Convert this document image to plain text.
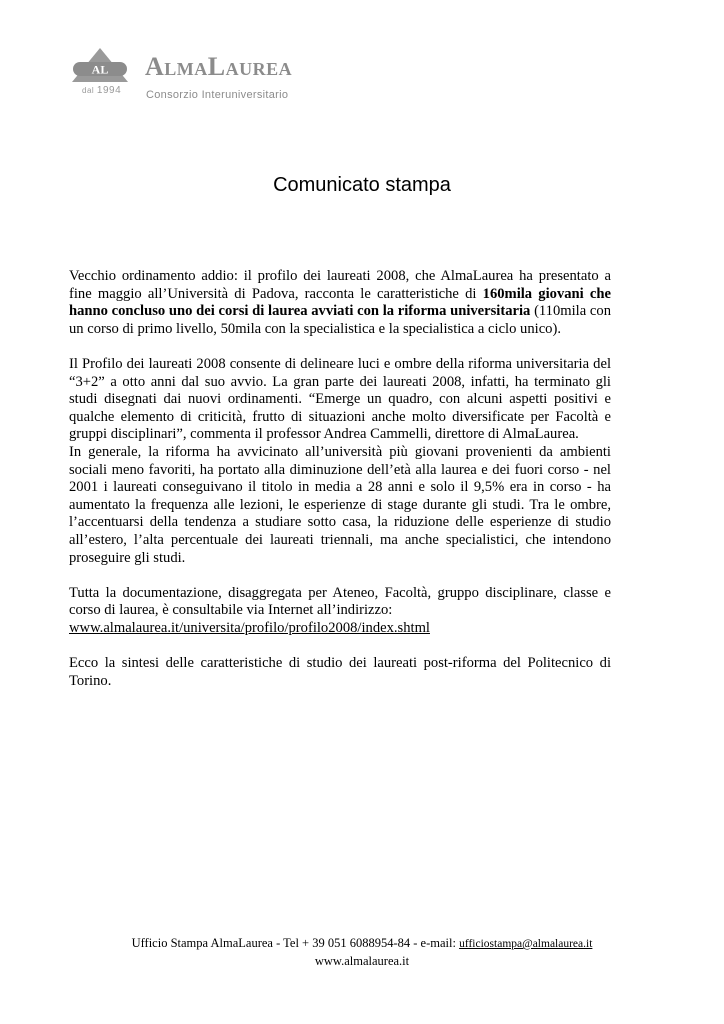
AL
dal 1994
AlmaLaurea
Consorzio Interuniversitario
Comunicato stampa

Vecchio ordinamento addio: il profilo dei laureati 2008, che AlmaLaurea ha presentato a fine maggio all’Università di Padova, racconta le caratteristiche di 160mila giovani che hanno concluso uno dei corsi di laurea avviati con la riforma universitaria (110mila con un corso di primo livello, 50mila con la specialistica e la specialistica a ciclo unico).

Il Profilo dei laureati 2008 consente di delineare luci e ombre della riforma universitaria del “3+2” a otto anni dal suo avvio. La gran parte dei laureati 2008, infatti, ha terminato gli studi disegnati dai nuovi ordinamenti. “Emerge un quadro, con alcuni aspetti positivi e qualche elemento di criticità, frutto di situazioni anche molto diversificate per Facoltà e gruppi disciplinari”, commenta il professor Andrea Cammelli, direttore di AlmaLaurea.

In generale, la riforma ha avvicinato all’università più giovani provenienti da ambienti sociali meno favoriti, ha portato alla diminuzione dell’età alla laurea e dei fuori corso - nel 2001 i laureati conseguivano il titolo in media a 28 anni e solo il 9,5% era in corso - ha aumentato la frequenza alle lezioni, le esperienze di stage durante gli studi. Tra le ombre, l’accentuarsi della tendenza a studiare sotto casa, la riduzione delle esperienze di studio all’estero, l’alta percentuale dei laureati triennali, ma anche specialistici, che intendono proseguire gli studi.

Tutta la documentazione, disaggregata per Ateneo, Facoltà, gruppo disciplinare, classe e corso di laurea, è consultabile via Internet all’indirizzo:
www.almalaurea.it/universita/profilo/profilo2008/index.shtml

Ecco la sintesi delle caratteristiche di studio dei laureati post-riforma del Politecnico di Torino.

Ufficio Stampa AlmaLaurea - Tel + 39 051 6088954-84 - e-mail: ufficiostampa@almalaurea.it
www.almalaurea.it
